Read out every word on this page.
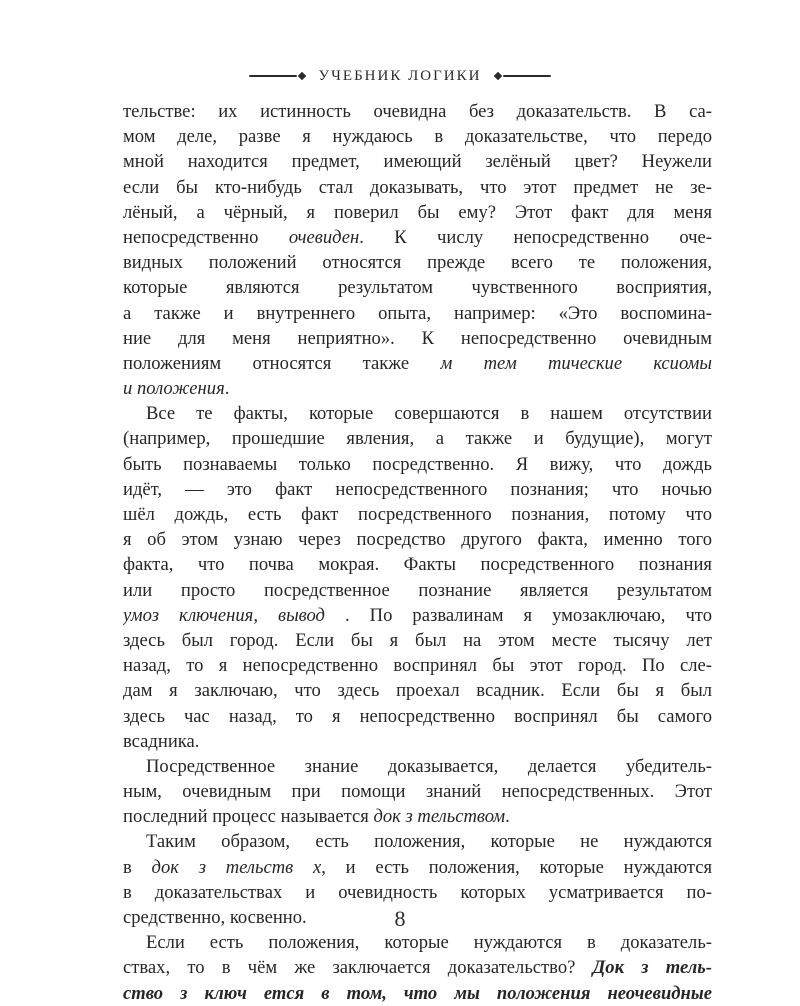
УЧЕБНИК ЛОГИКИ
тельстве: их истинность очевидна без доказательств. В са-
мом деле, разве я нуждаюсь в доказательстве, что передо
мной находится предмет, имеющий зелёный цвет? Неужели
если бы кто-нибудь стал доказывать, что этот предмет не зе-
лёный, а чёрный, я поверил бы ему? Этот факт для меня
непосредственно очевиден. К числу непосредственно оче-
видных положений относятся прежде всего те положения,
которые являются результатом чувственного восприятия,
а также и внутреннего опыта, например: «Это воспомина-
ние для меня неприятно». К непосредственно очевидным
положениям относятся также м тем тические ксиомы
и положения.
Все те факты, которые совершаются в нашем отсутствии
(например, прошедшие явления, а также и будущие), могут
быть познаваемы только посредственно. Я вижу, что дождь
идёт, — это факт непосредственного познания; что ночью
шёл дождь, есть факт посредственного познания, потому что
я об этом узнаю через посредство другого факта, именно того
факта, что почва мокрая. Факты посредственного познания
или просто посредственное познание является результатом
умоз ключения, вывод . По развалинам я умозаключаю, что
здесь был город. Если бы я был на этом месте тысячу лет
назад, то я непосредственно воспринял бы этот город. По сле-
дам я заключаю, что здесь проехал всадник. Если бы я был
здесь час назад, то я непосредственно воспринял бы самого
всадника.
Посредственное знание доказывается, делается убедитель-
ным, очевидным при помощи знаний непосредственных. Этот
последний процесс называется док з тельством.
Таким образом, есть положения, которые не нуждаются
в док з тельств х, и есть положения, которые нуждаются
в доказательствах и очевидность которых усматривается по-
средственно, косвенно.
Если есть положения, которые нуждаются в доказатель-
ствах, то в чём же заключается доказательство? Док з тель-
ство з ключ ется в том, что мы положения неочевидные
8
